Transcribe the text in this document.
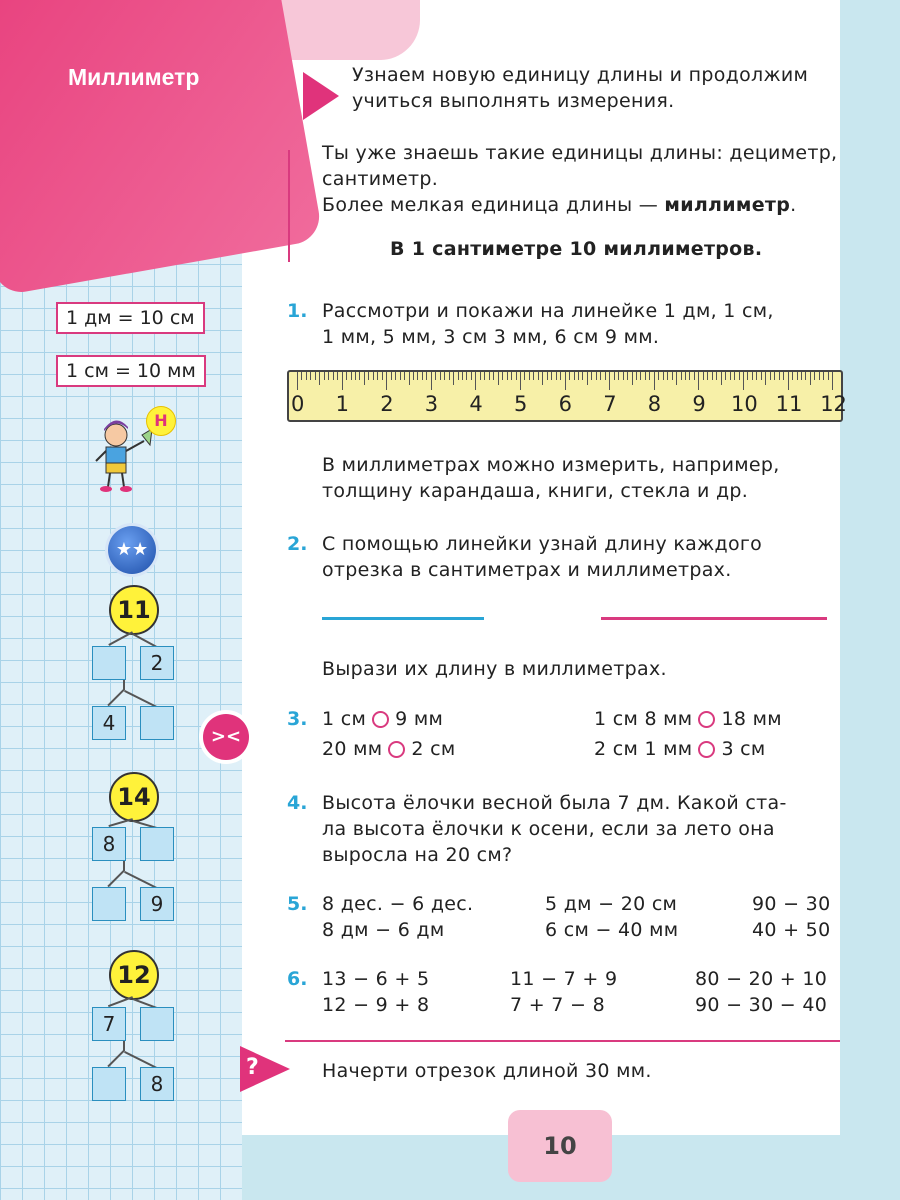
Миллиметр	Узнаем новую единицу длины и продолжим
учиться выполнять измерения.
Ты уже знаешь такие единицы длины: дециметр,
сантиметр.
Более мелкая единица длины — миллиметр.
В 1 сантиметре 10 миллиметров.
1 дм = 10 см
1 см = 10 мм
Н
★★
1. Рассмотри и покажи на линейке 1 дм, 1 см,
1 мм, 5 мм, 3 см 3 мм, 6 см 9 мм.
0 1 2 3 4 5 6 7 8 9 10 11 12
В миллиметрах можно измерить, например,
толщину карандаша, книги, стекла и др.
2. С помощью линейки узнай длину каждого
отрезка в сантиметрах и миллиметрах.
Вырази их длину в миллиметрах.
3. 1 см 9 мм
20 мм 2 см
1 см 8 мм 18 мм
2 см 1 мм 3 см
><
4. Высота ёлочки весной была 7 дм. Какой ста-
ла высота ёлочки к осени, если за лето она
выросла на 20 см?
5. 8 дес. − 6 дес.
8 дм − 6 дм
5 дм − 20 см
6 см − 40 мм
90 − 30
40 + 50
6. 13 − 6 + 5
12 − 9 + 8
11 − 7 + 9
7 + 7 − 8
80 − 20 + 10
90 − 30 − 40
?	Начерти отрезок длиной 30 мм.
11
2
4
14
8
9
12
7
8
10
